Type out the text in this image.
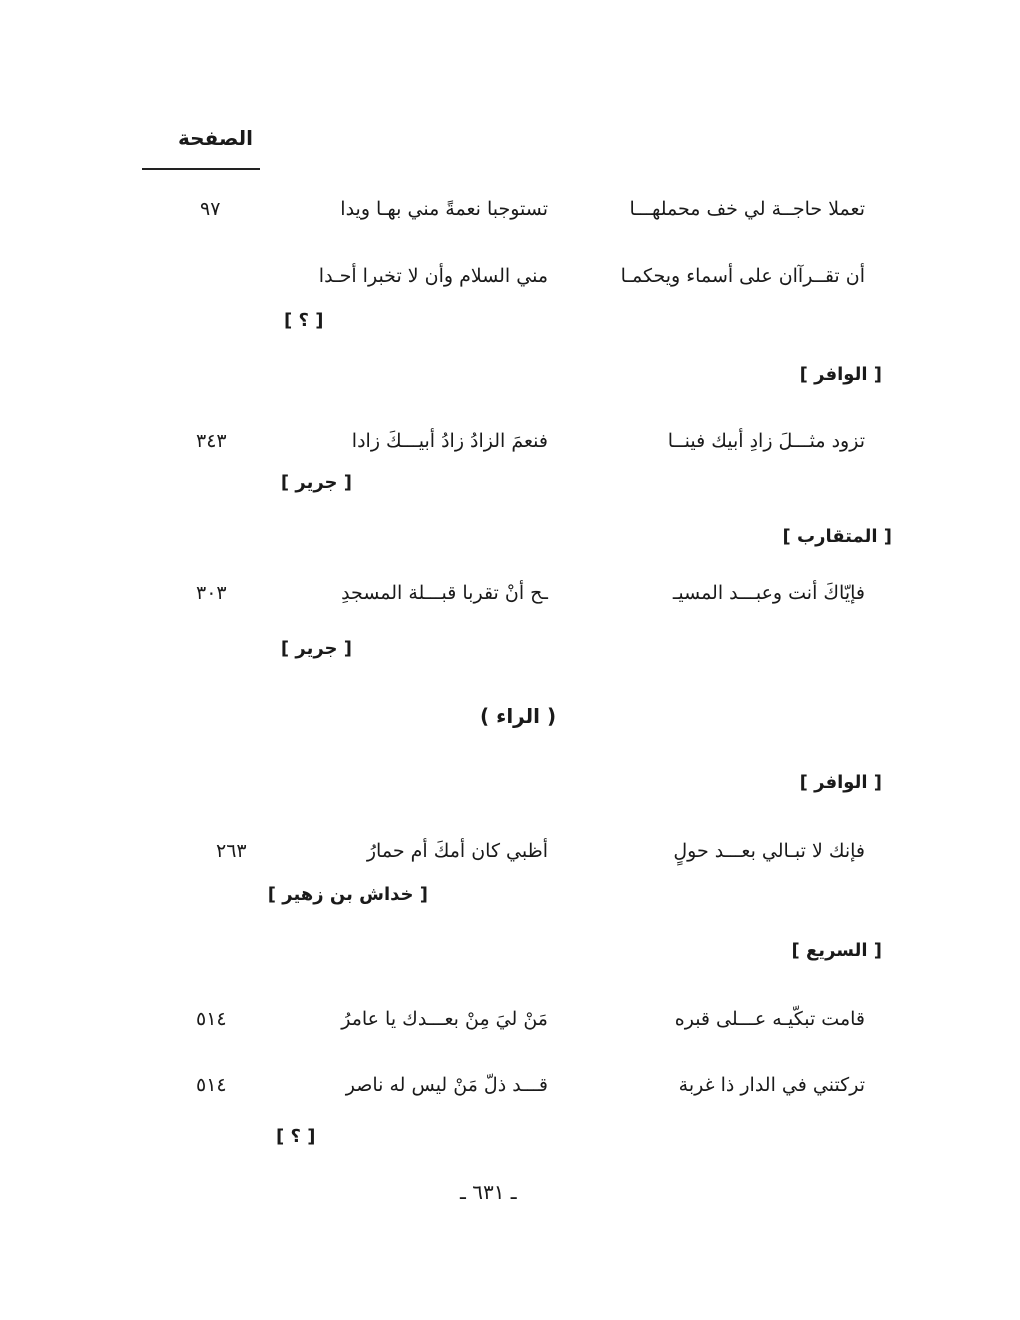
الصفحة
تعملا حاجــة لي خف محملهـــا
تستوجبا نعمةً مني بهـا ويدا
٩٧
أن تقــرآان على أسماء ويحكمـا
مني السلام وأن لا تخبرا أحـدا
[ ؟ ]
[ الوافر ]
تزود مثـــلَ زادِ أبيك فينــا
فنعمَ الزادُ زادُ أبيـــكَ زادا
٣٤٣
[ جرير ]
[ المتقارب ]
فإيّاكَ أنت وعبـــد المسيـ
ـح أنْ تقربا قبـــلة المسجدِ
٣٠٣
[ جرير ]
( الراء )
[ الوافر ]
فإنك لا تبـالي بعـــد حولٍ
أظبي كان أمكَ أم حمارُ
٢٦٣
[ خداش بن زهير ]
[ السريع ]
قامت تبكّيـه عـــلى قبره
مَنْ ليَ مِنْ بعـــدك يا عامرُ
٥١٤
تركتني في الدار ذا غربة
قـــد ذلّ مَنْ ليس له ناصر
٥١٤
[ ؟ ]
ـ ٦٣١ ـ
